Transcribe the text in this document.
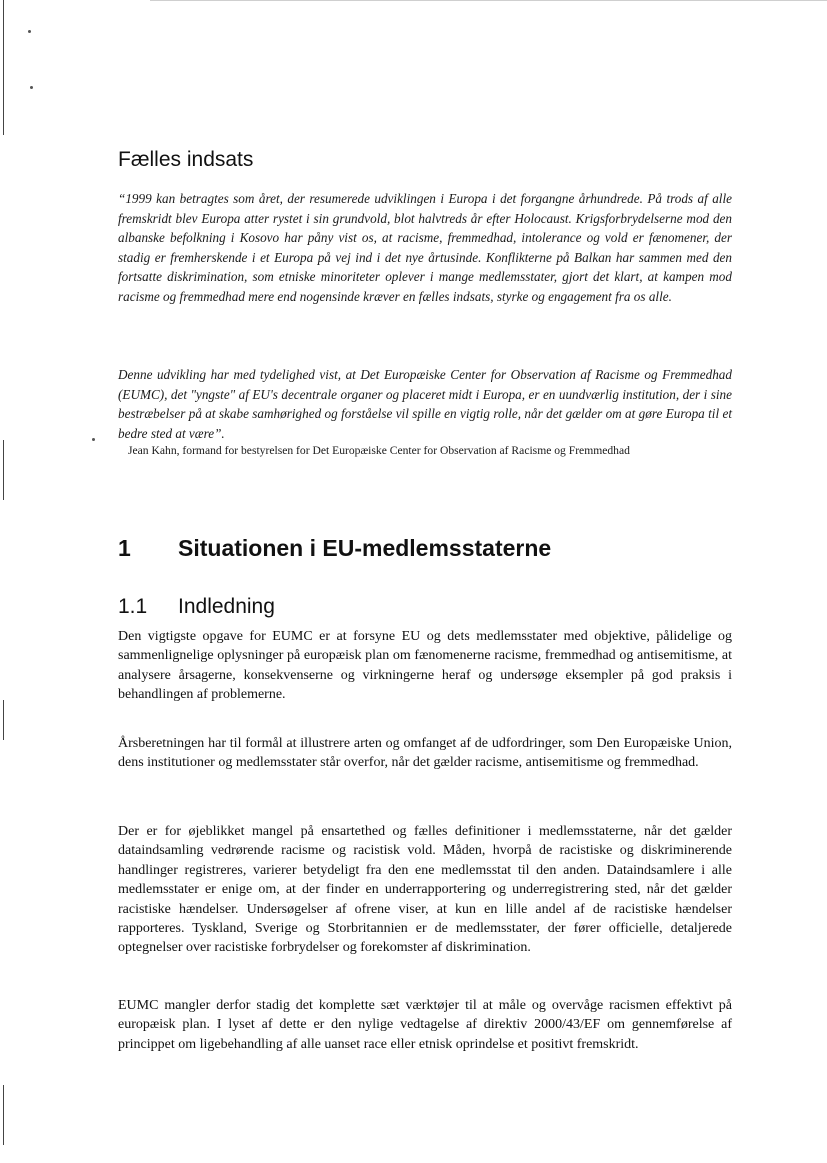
Fælles indsats

“1999 kan betragtes som året, der resumerede udviklingen i Europa i det forgangne århundrede. På trods af alle fremskridt blev Europa atter rystet i sin grundvold, blot halvtreds år efter Holocaust. Krigsforbrydelserne mod den albanske befolkning i Kosovo har påny vist os, at racisme, fremmedhad, intolerance og vold er fænomener, der stadig er fremherskende i et Europa på vej ind i det nye årtusinde. Konflikterne på Balkan har sammen med den fortsatte diskrimination, som etniske minoriteter oplever i mange medlemsstater, gjort det klart, at kampen mod racisme og fremmedhad mere end nogensinde kræver en fælles indsats, styrke og engagement fra os alle.

Denne udvikling har med tydelighed vist, at Det Europæiske Center for Observation af Racisme og Fremmedhad (EUMC), det "yngste" af EU's decentrale organer og placeret midt i Europa, er en uundværlig institution, der i sine bestræbelser på at skabe samhørighed og forståelse vil spille en vigtig rolle, når det gælder om at gøre Europa til et bedre sted at være”.

Jean Kahn, formand for bestyrelsen for Det Europæiske Center for Observation af Racisme og Fremmedhad

1	Situationen i EU-medlemsstaterne
1.1	Indledning

Den vigtigste opgave for EUMC er at forsyne EU og dets medlemsstater med objektive, pålidelige og sammenlignelige oplysninger på europæisk plan om fænomenerne racisme, fremmedhad og antisemitisme, at analysere årsagerne, konsekvenserne og virkningerne heraf og undersøge eksempler på god praksis i behandlingen af problemerne.

Årsberetningen har til formål at illustrere arten og omfanget af de udfordringer, som Den Europæiske Union, dens institutioner og medlemsstater står overfor, når det gælder racisme, antisemitisme og fremmedhad.

Der er for øjeblikket mangel på ensartethed og fælles definitioner i medlemsstaterne, når det gælder dataindsamling vedrørende racisme og racistisk vold. Måden, hvorpå de racistiske og diskriminerende handlinger registreres, varierer betydeligt fra den ene medlemsstat til den anden. Dataindsamlere i alle medlemsstater er enige om, at der finder en underrapportering og underregistrering sted, når det gælder racistiske hændelser. Undersøgelser af ofrene viser, at kun en lille andel af de racistiske hændelser rapporteres. Tyskland, Sverige og Storbritannien er de medlemsstater, der fører officielle, detaljerede optegnelser over racistiske forbrydelser og forekomster af diskrimination.

EUMC mangler derfor stadig det komplette sæt værktøjer til at måle og overvåge racismen effektivt på europæisk plan. I lyset af dette er den nylige vedtagelse af direktiv 2000/43/EF om gennemførelse af princippet om ligebehandling af alle uanset race eller etnisk oprindelse et positivt fremskridt.
